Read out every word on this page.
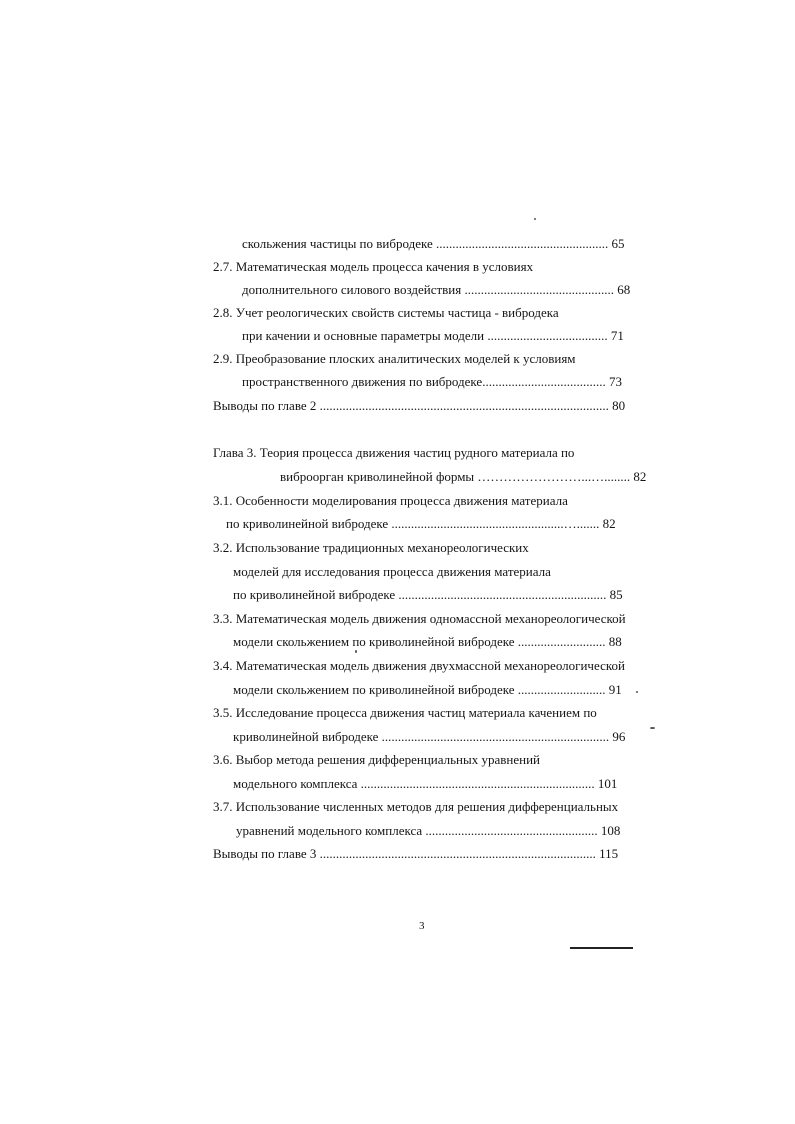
скольжения частицы по вибродеке ..................................................... 65
2.7. Математическая модель процесса качения в условиях
дополнительного силового воздействия .............................................. 68
2.8. Учет реологических свойств системы частица - вибродека
при качении и основные параметры модели ..................................... 71
2.9. Преобразование плоских аналитических моделей к условиям
пространственного движения по вибродеке...................................... 73
Выводы по главе 2 ......................................................................................... 80
Глава 3. Теория процесса движения частиц рудного материала по
виброорган криволинейной формы ……………………...…........ 82
3.1. Особенности моделирования процесса движения материала
по криволинейной вибродеке .....................................................…....... 82
3.2. Использование традиционных механореологических
моделей для исследования процесса движения материала
по криволинейной вибродеке ................................................................ 85
3.3. Математическая модель движения одномассной механореологической
модели скольжением по криволинейной вибродеке ........................... 88
3.4. Математическая модель движения двухмассной механореологической
модели скольжением по криволинейной вибродеке ........................... 91
3.5. Исследование процесса движения частиц материала качением по
криволинейной вибродеке ...................................................................... 96
3.6. Выбор метода решения дифференциальных уравнений
модельного комплекса ........................................................................ 101
3.7. Использование численных методов для решения дифференциальных
уравнений модельного комплекса ..................................................... 108
Выводы по главе 3 ..................................................................................... 115
3
